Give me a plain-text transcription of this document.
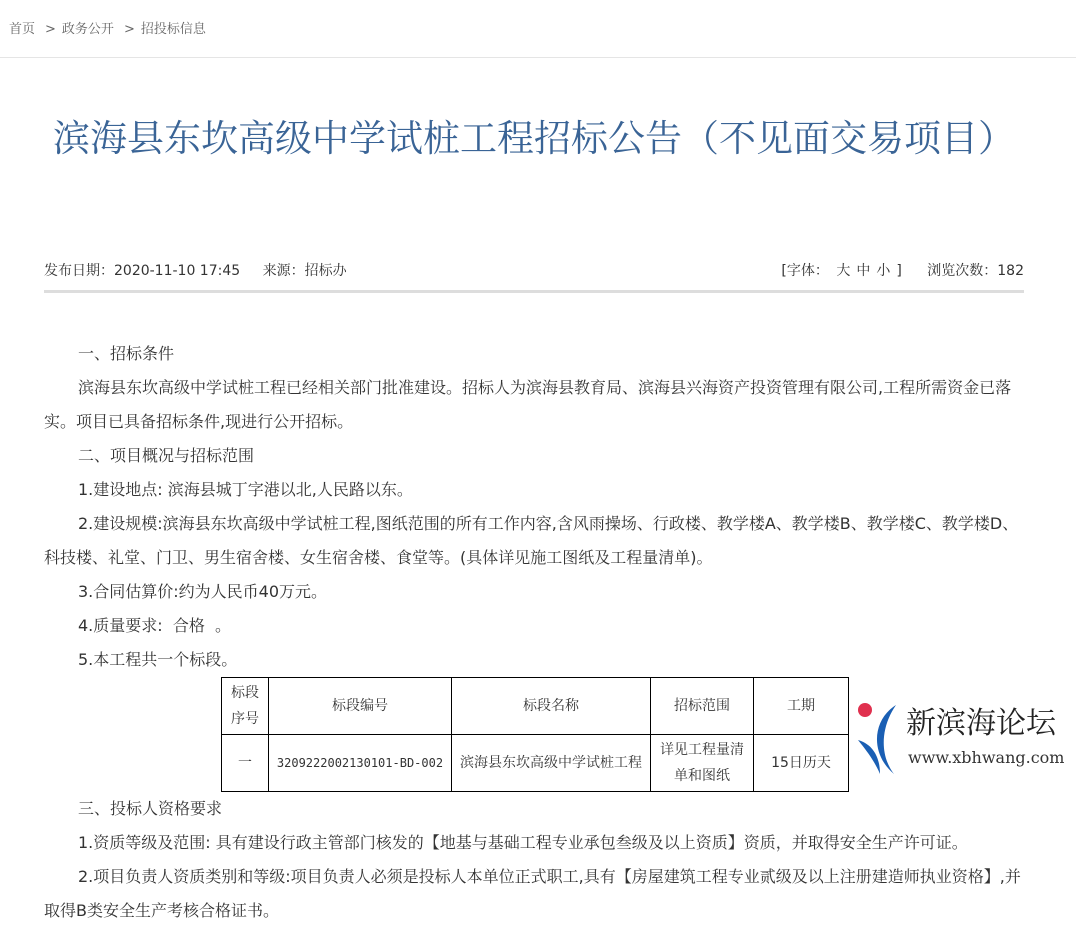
首页 > 政务公开 > 招投标信息
滨海县东坎高级中学试桩工程招标公告（不见面交易项目）
发布日期：2020-11-10 17:45 来源：招标办	[字体： 大 中 小 ] 浏览次数：182

一、招标条件

滨海县东坎高级中学试桩工程已经相关部门批准建设。招标人为滨海县教育局、滨海县兴海资产投资管理有限公司,工程所需资金已落实。项目已具备招标条件,现进行公开招标。

二、项目概况与招标范围

1.建设地点: 滨海县城丁字港以北,人民路以东。

2.建设规模:滨海县东坎高级中学试桩工程,图纸范围的所有工作内容,含风雨操场、行政楼、教学楼A、教学楼B、教学楼C、教学楼D、科技楼、礼堂、门卫、男生宿舍楼、女生宿舍楼、食堂等。(具体详见施工图纸及工程量清单)。

3.合同估算价:约为人民币40万元。

4.质量要求:  合格  。

5.本工程共一个标段。

标段序号	标段编号	标段名称	招标范围	工期
一	3209222002130101-BD-002	滨海县东坎高级中学试桩工程	详见工程量清单和图纸	15日历天

三、投标人资格要求

1.资质等级及范围: 具有建设行政主管部门核发的【地基与基础工程专业承包叁级及以上资质】资质，并取得安全生产许可证。

2.项目负责人资质类别和等级:项目负责人必须是投标人本单位正式职工,具有【房屋建筑工程专业贰级及以上注册建造师执业资格】,并取得B类安全生产考核合格证书。

新滨海论坛
www.xbhwang.com
